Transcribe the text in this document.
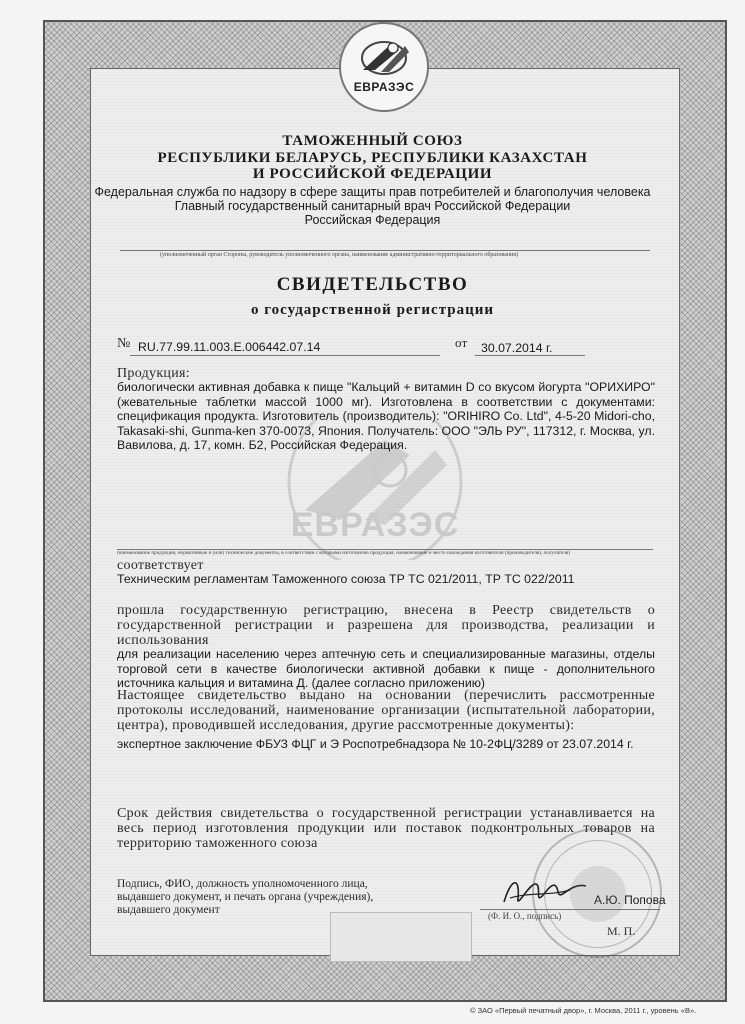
ЕВРАЗЭС
ЕВРАЗЭС
ТАМОЖЕННЫЙ СОЮЗ
РЕСПУБЛИКИ БЕЛАРУСЬ, РЕСПУБЛИКИ КАЗАХСТАН
И РОССИЙСКОЙ ФЕДЕРАЦИИ
Федеральная служба по надзору в сфере защиты прав потребителей и благополучия человека
Главный государственный санитарный врач Российской Федерации
Российская Федерация
(уполномоченный орган Стороны, руководитель уполномоченного органа, наименование административно-территориального образования)
СВИДЕТЕЛЬСТВО
о государственной регистрации
№ RU.77.99.11.003.Е.006442.07.14	от 30.07.2014 г.
Продукция:
биологически активная добавка к пище "Кальций + витамин D со вкусом йогурта "ОРИХИРО" (жевательные таблетки массой 1000 мг). Изготовлена в соответствии с документами: спецификация продукта. Изготовитель (производитель): "ORIHIRO Co. Ltd", 4-5-20 Midori-cho, Takasaki-shi, Gunma-ken 370-0073, Япония. Получатель: ООО "ЭЛЬ РУ", 117312, г. Москва, ул. Вавилова, д. 17, комн. Б2, Российская Федерация.
(наименование продукции, нормативные и (или) технические документы, в соответствии с которыми изготовлена продукция, наименование и место нахождения изготовителя (производителя), получателя)
соответствует
Техническим регламентам Таможенного союза ТР ТС 021/2011, ТР ТС 022/2011
прошла государственную регистрацию, внесена в Реестр свидетельств о государственной регистрации и разрешена для производства, реализации и использования
для реализации населению через аптечную сеть и специализированные магазины, отделы торговой сети в качестве биологически активной добавки к пище - дополнительного источника кальция и витамина Д. (далее согласно приложению)
Настоящее свидетельство выдано на основании (перечислить рассмотренные протоколы исследований, наименование организации (испытательной лаборатории, центра), проводившей исследования, другие рассмотренные документы):
экспертное заключение ФБУЗ ФЦГ и Э Роспотребнадзора № 10-2ФЦ/3289 от 23.07.2014 г.
Срок действия свидетельства о государственной регистрации устанавливается на весь период изготовления продукции или поставок подконтрольных товаров на территорию таможенного союза
Подпись, ФИО, должность уполномоченного лица, выдавшего документ, и печать органа (учреждения), выдавшего документ
А.Ю. Попова
(Ф. И. О., подпись)
М. П.
© ЗАО «Первый печатный двор», г. Москва, 2011 г., уровень «В».
